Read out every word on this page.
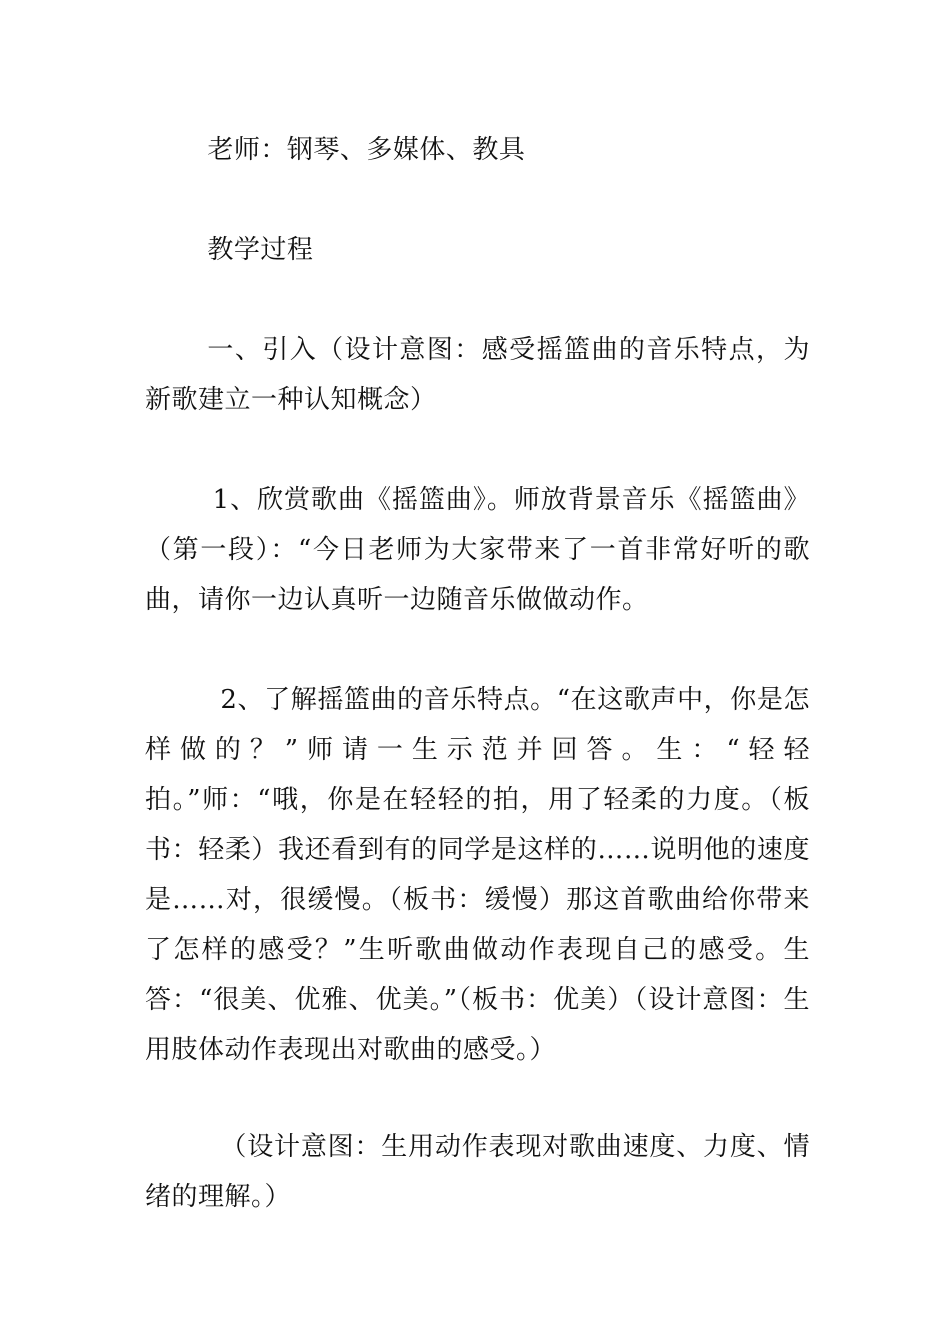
老师：钢琴、多媒体、教具

教学过程

一、引入（设计意图：感受摇篮曲的音乐特点，为新歌建立一种认知概念）

1、欣赏歌曲《摇篮曲》。师放背景音乐《摇篮曲》（第一段）：“今日老师为大家带来了一首非常好听的歌曲，请你一边认真听一边随音乐做做动作。

2、了解摇篮曲的音乐特点。“在这歌声中，你是怎样做的？”师请一生示范并回答。生：“轻轻拍。”师：“哦，你是在轻轻的拍，用了轻柔的力度。（板书：轻柔）我还看到有的同学是这样的……说明他的速度是……对，很缓慢。（板书：缓慢）那这首歌曲给你带来了怎样的感受？”生听歌曲做动作表现自己的感受。生答：“很美、优雅、优美。”（板书：优美）（设计意图：生用肢体动作表现出对歌曲的感受。）

（设计意图：生用动作表现对歌曲速度、力度、情绪的理解。）
